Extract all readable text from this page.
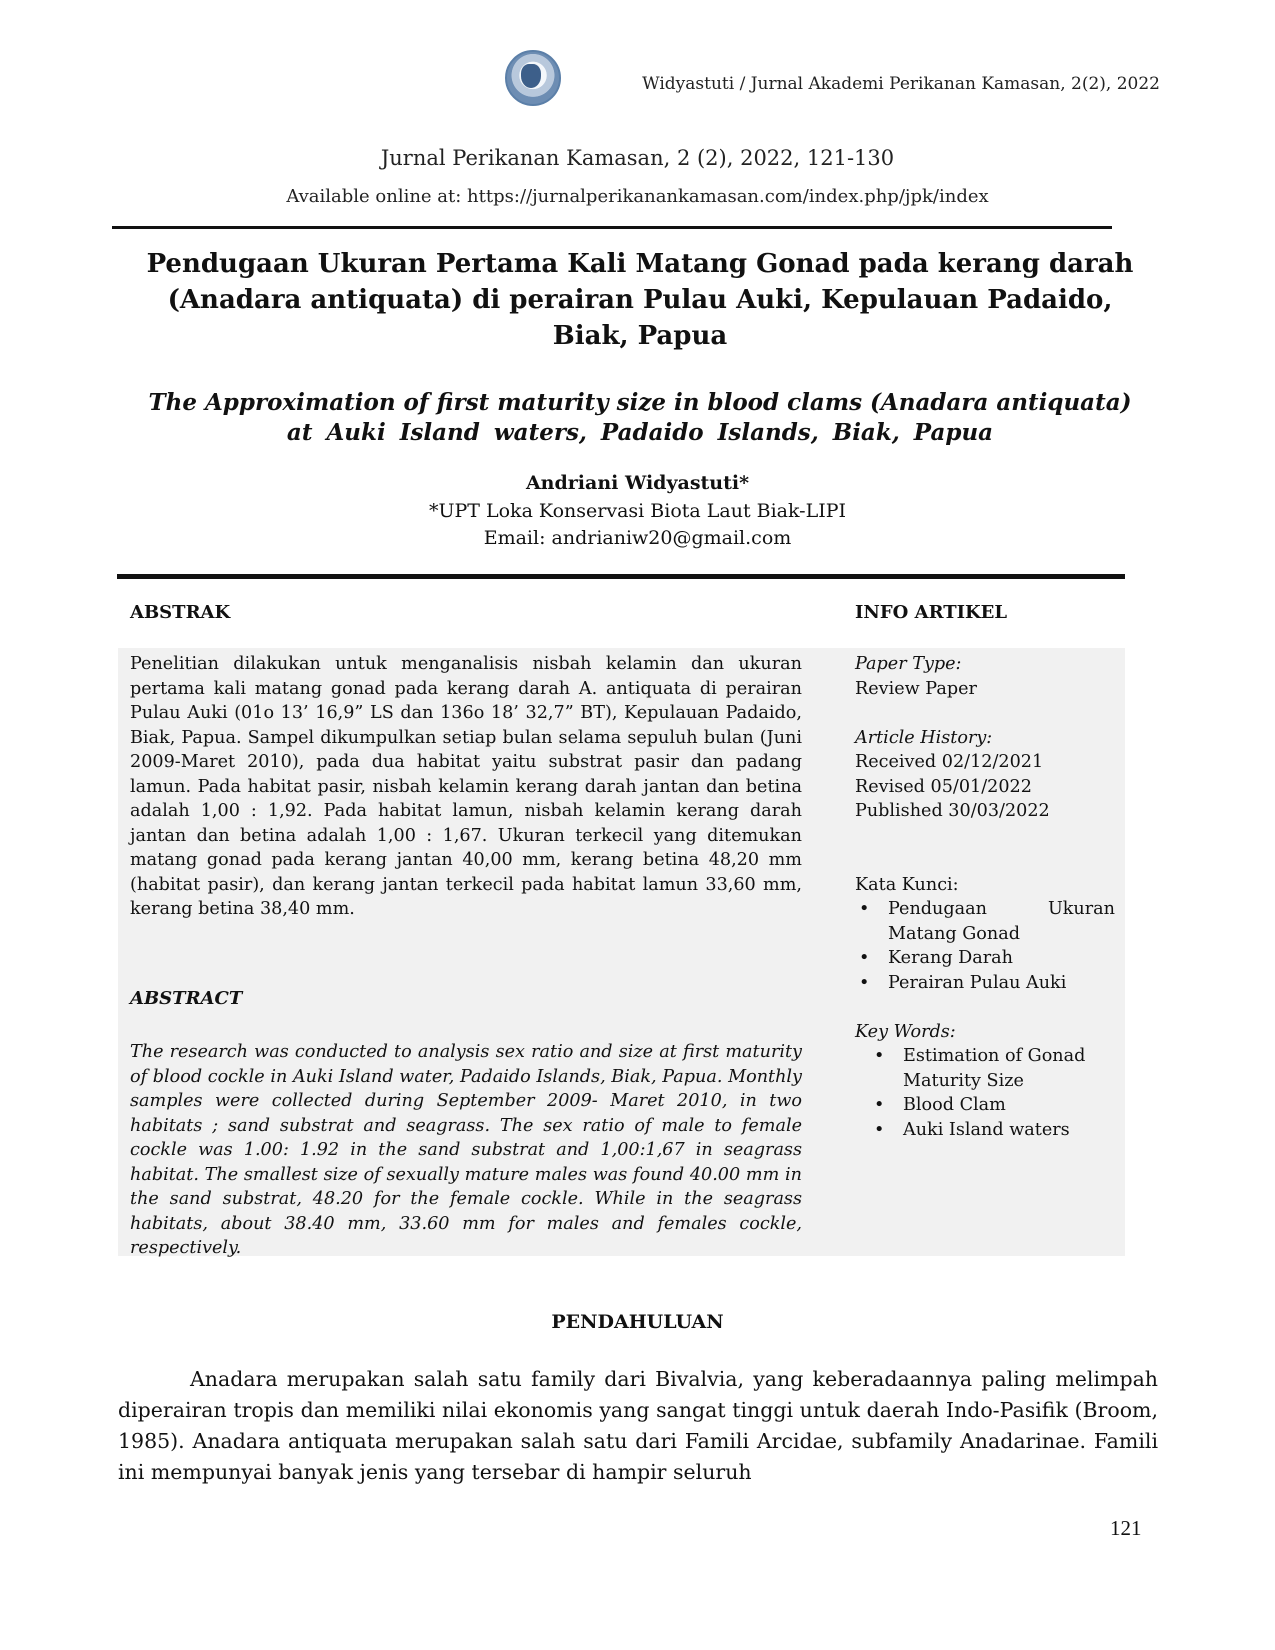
Widyastuti / Jurnal Akademi Perikanan Kamasan, 2(2), 2022
Jurnal Perikanan Kamasan, 2 (2), 2022, 121-130
Available online at: https://jurnalperikanankamasan.com/index.php/jpk/index
Pendugaan Ukuran Pertama Kali Matang Gonad pada kerang darah
(Anadara antiquata) di perairan Pulau Auki, Kepulauan Padaido,
Biak, Papua
The Approximation of first maturity size in blood clams (Anadara antiquata)
at Auki Island waters, Padaido Islands, Biak, Papua
Andriani Widyastuti*
*UPT Loka Konservasi Biota Laut Biak-LIPI
Email: andrianiw20@gmail.com
ABSTRAK	INFO ARTIKEL
Penelitian dilakukan untuk menganalisis nisbah kelamin dan ukuran pertama kali matang gonad pada kerang darah A. antiquata di perairan Pulau Auki (01o 13’ 16,9” LS dan 136o 18’ 32,7” BT), Kepulauan Padaido, Biak, Papua. Sampel dikumpulkan setiap bulan selama sepuluh bulan (Juni 2009-Maret 2010), pada dua habitat yaitu substrat pasir dan padang lamun. Pada habitat pasir, nisbah kelamin kerang darah jantan dan betina adalah 1,00 : 1,92. Pada habitat lamun, nisbah kelamin kerang darah jantan dan betina adalah 1,00 : 1,67. Ukuran terkecil yang ditemukan matang gonad pada kerang jantan 40,00 mm, kerang betina 48,20 mm (habitat pasir), dan kerang jantan terkecil pada habitat lamun 33,60 mm, kerang betina 38,40 mm.
ABSTRACT
The research was conducted to analysis sex ratio and size at first maturity of blood cockle in Auki Island water, Padaido Islands, Biak, Papua. Monthly samples were collected during September 2009- Maret 2010, in two habitats ; sand substrat and seagrass. The sex ratio of male to female cockle was 1.00: 1.92 in the sand substrat and 1,00:1,67 in seagrass habitat. The smallest size of sexually mature males was found 40.00 mm in the sand substrat, 48.20 for the female cockle. While in the seagrass habitats, about 38.40 mm, 33.60 mm for males and females cockle, respectively.
Paper Type:
Review Paper
Article History:
Received 02/12/2021
Revised 05/01/2022
Published 30/03/2022
Kata Kunci:
• Pendugaan Ukuran Matang Gonad
• Kerang Darah
• Perairan Pulau Auki
Key Words:
• Estimation of Gonad Maturity Size
• Blood Clam
• Auki Island waters
PENDAHULUAN

Anadara merupakan salah satu family dari Bivalvia, yang keberadaannya paling melimpah diperairan tropis dan memiliki nilai ekonomis yang sangat tinggi untuk daerah Indo-Pasifik (Broom, 1985). Anadara antiquata merupakan salah satu dari Famili Arcidae, subfamily Anadarinae. Famili ini mempunyai banyak jenis yang tersebar di hampir seluruh

121
